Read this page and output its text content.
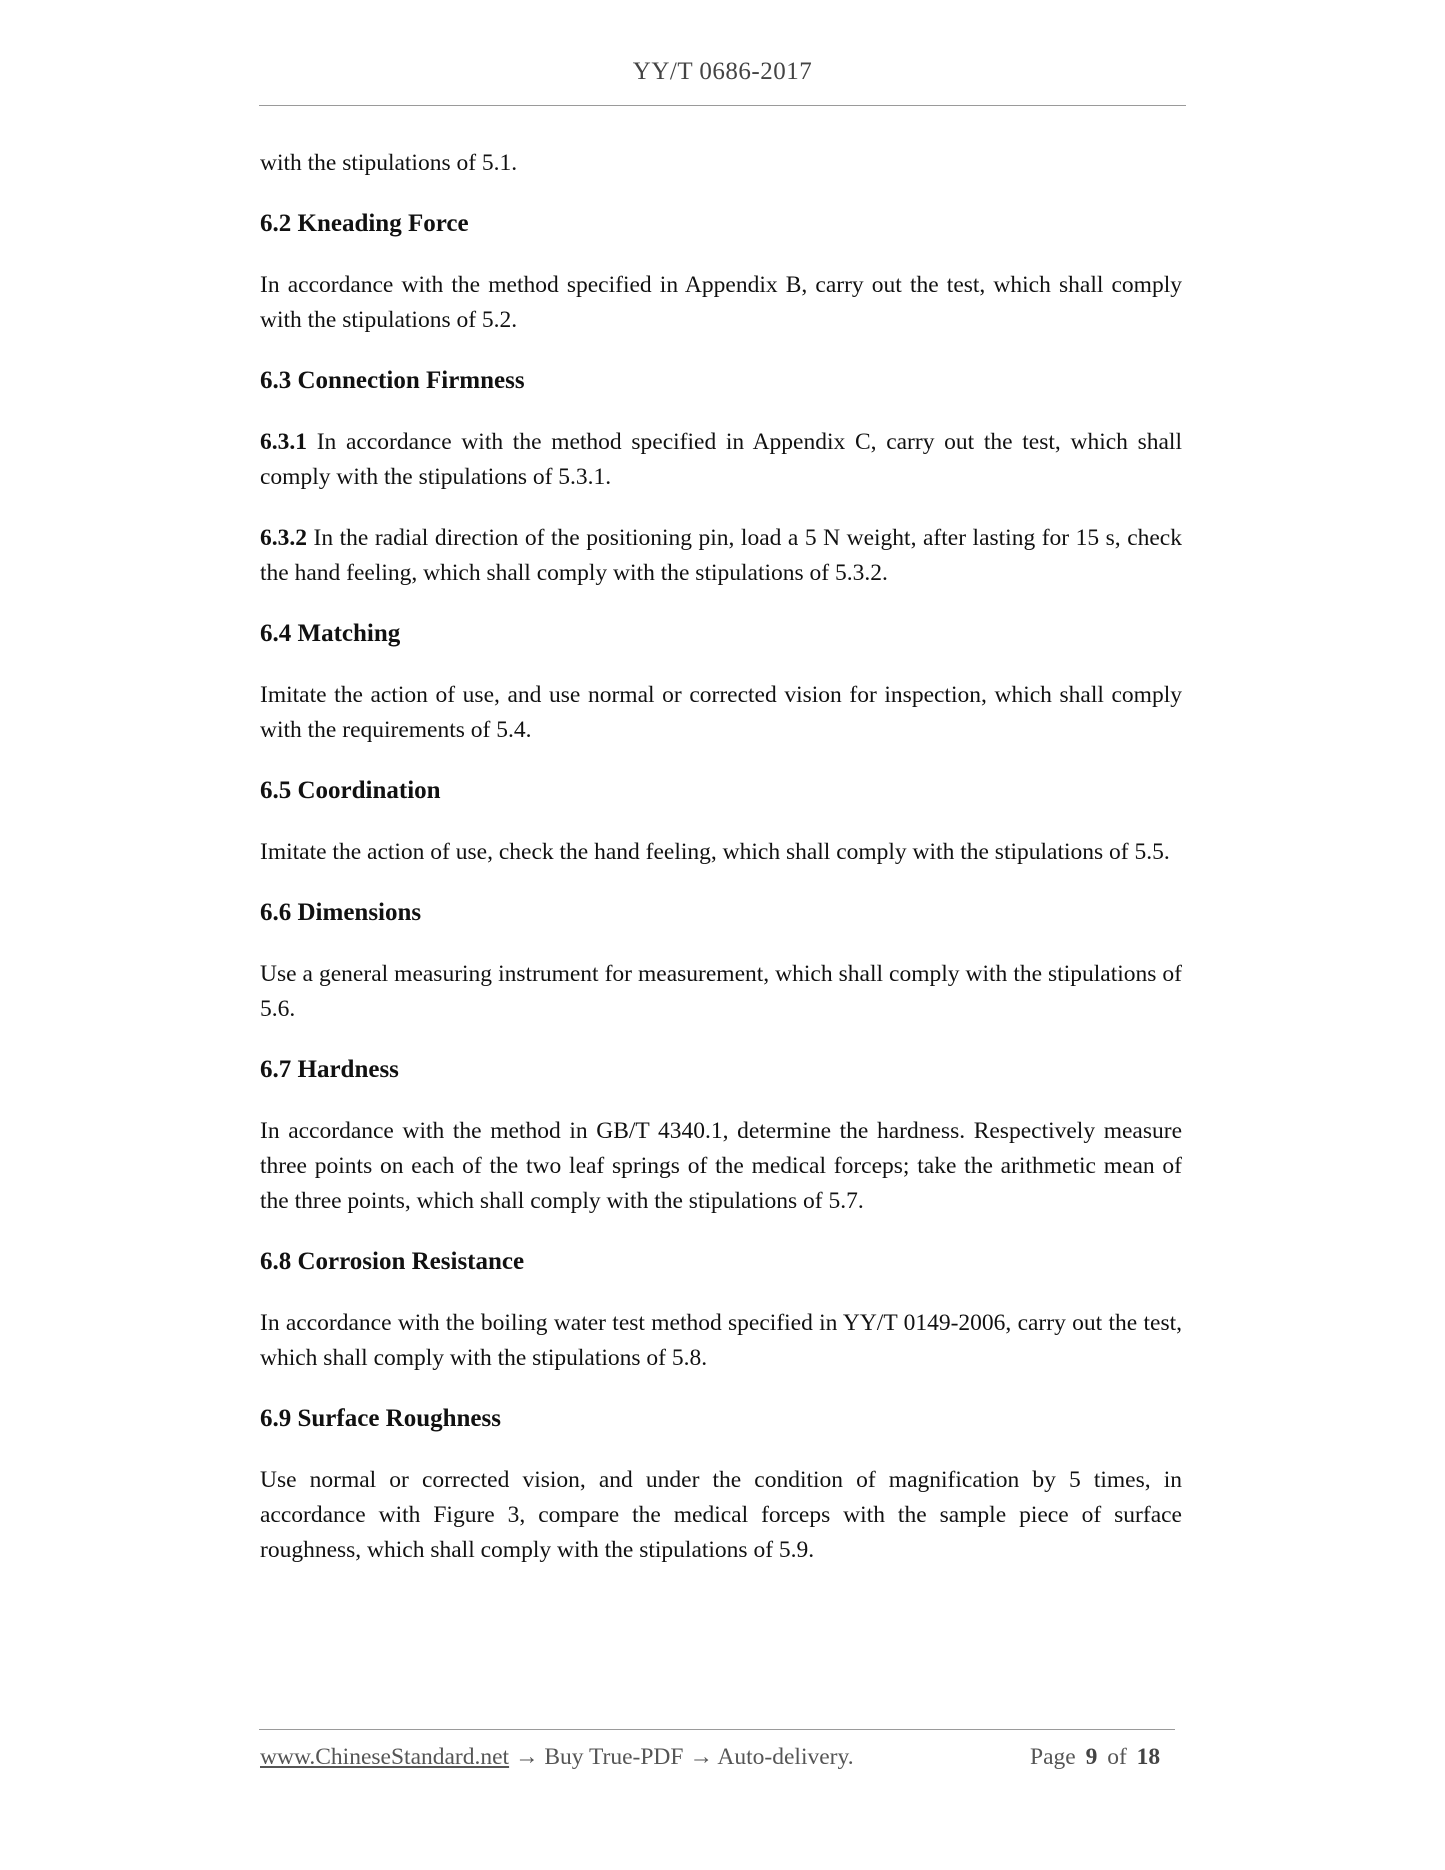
YY/T 0686-2017

with the stipulations of 5.1.

6.2 Kneading Force

In accordance with the method specified in Appendix B, carry out the test, which shall comply with the stipulations of 5.2.

6.3 Connection Firmness

6.3.1 In accordance with the method specified in Appendix C, carry out the test, which shall comply with the stipulations of 5.3.1.

6.3.2 In the radial direction of the positioning pin, load a 5 N weight, after lasting for 15 s, check the hand feeling, which shall comply with the stipulations of 5.3.2.

6.4 Matching

Imitate the action of use, and use normal or corrected vision for inspection, which shall comply with the requirements of 5.4.

6.5 Coordination

Imitate the action of use, check the hand feeling, which shall comply with the stipulations of 5.5.

6.6 Dimensions

Use a general measuring instrument for measurement, which shall comply with the stipulations of 5.6.

6.7 Hardness

In accordance with the method in GB/T 4340.1, determine the hardness. Respectively measure three points on each of the two leaf springs of the medical forceps; take the arithmetic mean of the three points, which shall comply with the stipulations of 5.7.

6.8 Corrosion Resistance

In accordance with the boiling water test method specified in YY/T 0149-2006, carry out the test, which shall comply with the stipulations of 5.8.

6.9 Surface Roughness

Use normal or corrected vision, and under the condition of magnification by 5 times, in accordance with Figure 3, compare the medical forceps with the sample piece of surface roughness, which shall comply with the stipulations of 5.9.

www.ChineseStandard.net → Buy True-PDF → Auto-delivery.	Page 9 of 18
